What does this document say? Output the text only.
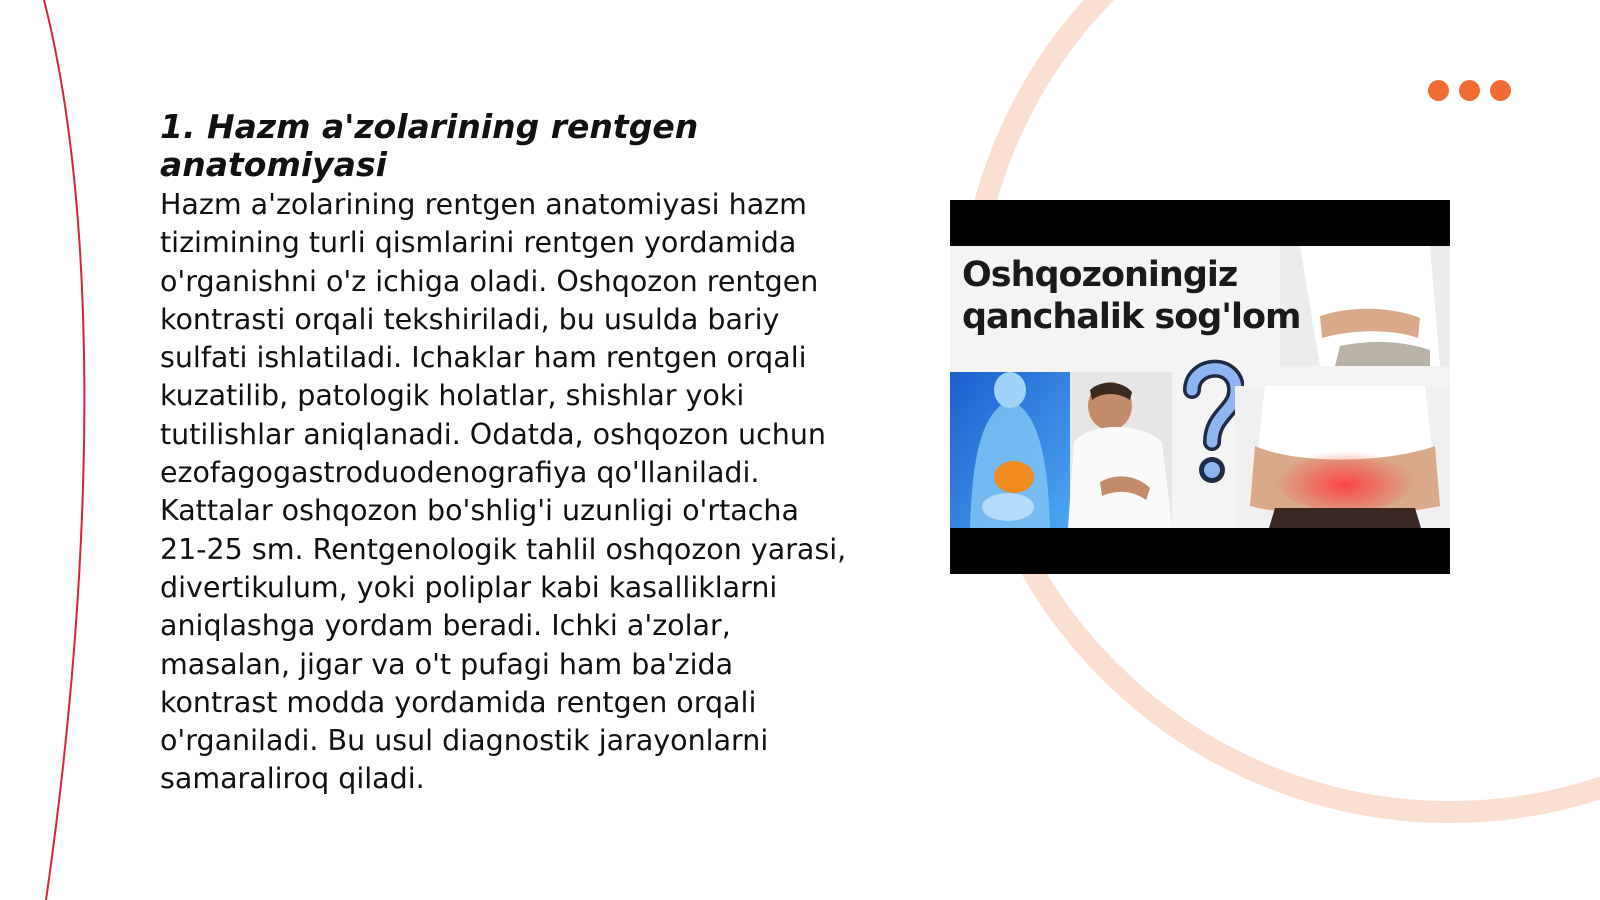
1. Hazm a'zolarining rentgen anatomiyasi

Hazm a'zolarining rentgen anatomiyasi hazm tizimining turli qismlarini rentgen yordamida o'rganishni o'z ichiga oladi. Oshqozon rentgen kontrasti orqali tekshiriladi, bu usulda bariy sulfati ishlatiladi. Ichaklar ham rentgen orqali kuzatilib, patologik holatlar, shishlar yoki tutilishlar aniqlanadi. Odatda, oshqozon uchun ezofagogastroduodenografiya qo'llaniladi. Kattalar oshqozon bo'shlig'i uzunligi o'rtacha 21-25 sm. Rentgenologik tahlil oshqozon yarasi, divertikulum, yoki poliplar kabi kasalliklarni aniqlashga yordam beradi. Ichki a'zolar, masalan, jigar va o't pufagi ham ba'zida kontrast modda yordamida rentgen orqali o'rganiladi. Bu usul diagnostik jarayonlarni samaraliroq qiladi.

Oshqozoningiz
qanchalik sog'lom
